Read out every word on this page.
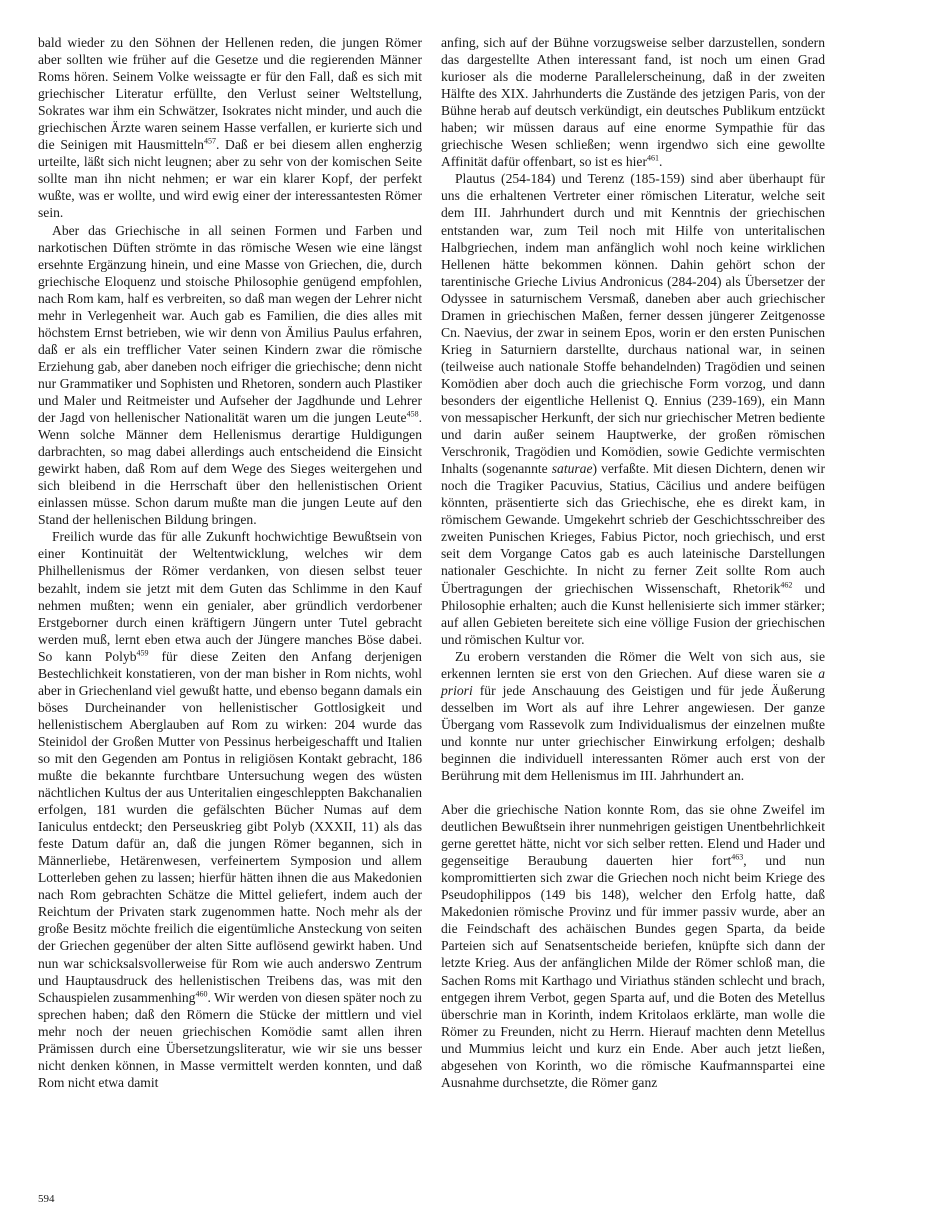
bald wieder zu den Söhnen der Hellenen reden, die jungen Römer aber sollten wie früher auf die Gesetze und die regierenden Männer Roms hören. Seinem Volke weissagte er für den Fall, daß es sich mit griechischer Literatur erfüllte, den Verlust seiner Weltstellung, Sokrates war ihm ein Schwätzer, Isokrates nicht minder, und auch die griechischen Ärzte waren seinem Hasse verfallen, er kurierte sich und die Seinigen mit Hausmitteln$^{457}$. Daß er bei diesem allen engherzig urteilte, läßt sich nicht leugnen; aber zu sehr von der komischen Seite sollte man ihn nicht nehmen; er war ein klarer Kopf, der perfekt wußte, was er wollte, und wird ewig einer der interessantesten Römer sein.

Aber das Griechische in all seinen Formen und Farben und narkotischen Düften strömte in das römische Wesen wie eine längst ersehnte Ergänzung hinein, und eine Masse von Griechen, die, durch griechische Eloquenz und stoische Philosophie genügend empfohlen, nach Rom kam, half es verbreiten, so daß man wegen der Lehrer nicht mehr in Verlegenheit war. Auch gab es Familien, die dies alles mit höchstem Ernst betrieben, wie wir denn von Ämilius Paulus erfahren, daß er als ein trefflicher Vater seinen Kindern zwar die römische Erziehung gab, aber daneben noch eifriger die griechische; denn nicht nur Grammatiker und Sophisten und Rhetoren, sondern auch Plastiker und Maler und Reitmeister und Aufseher der Jagdhunde und Lehrer der Jagd von hellenischer Nationalität waren um die jungen Leute$^{458}$. Wenn solche Männer dem Hellenismus derartige Huldigungen darbrachten, so mag dabei allerdings auch entscheidend die Einsicht gewirkt haben, daß Rom auf dem Wege des Sieges weitergehen und sich bleibend in die Herrschaft über den hellenistischen Orient einlassen müsse. Schon darum mußte man die jungen Leute auf den Stand der hellenischen Bildung bringen.

Freilich wurde das für alle Zukunft hochwichtige Bewußtsein von einer Kontinuität der Weltentwicklung, welches wir dem Philhellenismus der Römer verdanken, von diesen selbst teuer bezahlt, indem sie jetzt mit dem Guten das Schlimme in den Kauf nehmen mußten; wenn ein genialer, aber gründlich verdorbener Erstgeborner durch einen kräftigern Jüngern unter Tutel gebracht werden muß, lernt eben etwa auch der Jüngere manches Böse dabei. So kann Polyb$^{459}$ für diese Zeiten den Anfang derjenigen Bestechlichkeit konstatieren, von der man bisher in Rom nichts, wohl aber in Griechenland viel gewußt hatte, und ebenso begann damals ein böses Durcheinander von hellenistischer Gottlosigkeit und hellenistischem Aberglauben auf Rom zu wirken: 204 wurde das Steinidol der Großen Mutter von Pessinus herbeigeschafft und Italien so mit den Gegenden am Pontus in religiösen Kontakt gebracht, 186 mußte die bekannte furchtbare Untersuchung wegen des wüsten nächtlichen Kultus der aus Unteritalien eingeschleppten Bakchanalien erfolgen, 181 wurden die gefälschten Bücher Numas auf dem Ianiculus entdeckt; den Perseuskrieg gibt Polyb (XXXII, 11) als das feste Datum dafür an, daß die jungen Römer begannen, sich in Männerliebe, Hetärenwesen, verfeinertem Symposion und allem Lotterleben gehen zu lassen; hierfür hätten ihnen die aus Makedonien nach Rom gebrachten Schätze die Mittel geliefert, indem auch der Reichtum der Privaten stark zugenommen hatte. Noch mehr als der große Besitz möchte freilich die eigentümliche Ansteckung von seiten der Griechen gegenüber der alten Sitte auflösend gewirkt haben. Und nun war schicksalsvollerweise für Rom wie auch anderswo Zentrum und Hauptausdruck des hellenistischen Treibens das, was mit den Schauspielen zusammenhing$^{460}$. Wir werden von diesen später noch zu sprechen haben; daß den Römern die Stücke der mittlern und viel mehr noch der neuen griechischen Komödie samt allen ihren Prämissen durch eine Übersetzungsliteratur, wie wir sie uns besser nicht denken können, in Masse vermittelt werden konnten, und daß Rom nicht etwa damit

anfing, sich auf der Bühne vorzugsweise selber darzustellen, sondern das dargestellte Athen interessant fand, ist noch um einen Grad kurioser als die moderne Parallelerscheinung, daß in der zweiten Hälfte des XIX. Jahrhunderts die Zustände des jetzigen Paris, von der Bühne herab auf deutsch verkündigt, ein deutsches Publikum entzückt haben; wir müssen daraus auf eine enorme Sympathie für das griechische Wesen schließen; wenn irgendwo sich eine gewollte Affinität dafür offenbart, so ist es hier$^{461}$.

Plautus (254-184) und Terenz (185-159) sind aber überhaupt für uns die erhaltenen Vertreter einer römischen Literatur, welche seit dem III. Jahrhundert durch und mit Kenntnis der griechischen entstanden war, zum Teil noch mit Hilfe von unteritalischen Halbgriechen, indem man anfänglich wohl noch keine wirklichen Hellenen hätte bekommen können. Dahin gehört schon der tarentinische Grieche Livius Andronicus (284-204) als Übersetzer der Odyssee in saturnischem Versmaß, daneben aber auch griechischer Dramen in griechischen Maßen, ferner dessen jüngerer Zeitgenosse Cn. Naevius, der zwar in seinem Epos, worin er den ersten Punischen Krieg in Saturniern darstellte, durchaus national war, in seinen (teilweise auch nationale Stoffe behandelnden) Tragödien und seinen Komödien aber doch auch die griechische Form vorzog, und dann besonders der eigentliche Hellenist Q. Ennius (239-169), ein Mann von messapischer Herkunft, der sich nur griechischer Metren bediente und darin außer seinem Hauptwerke, der großen römischen Verschronik, Tragödien und Komödien, sowie Gedichte vermischten Inhalts (sogenannte saturae) verfaßte. Mit diesen Dichtern, denen wir noch die Tragiker Pacuvius, Statius, Cäcilius und andere beifügen könnten, präsentierte sich das Griechische, ehe es direkt kam, in römischem Gewande. Umgekehrt schrieb der Geschichtsschreiber des zweiten Punischen Krieges, Fabius Pictor, noch griechisch, und erst seit dem Vorgange Catos gab es auch lateinische Darstellungen nationaler Geschichte. In nicht zu ferner Zeit sollte Rom auch Übertragungen der griechischen Wissenschaft, Rhetorik$^{462}$ und Philosophie erhalten; auch die Kunst hellenisierte sich immer stärker; auf allen Gebieten bereitete sich eine völlige Fusion der griechischen und römischen Kultur vor.

Zu erobern verstanden die Römer die Welt von sich aus, sie erkennen lernten sie erst von den Griechen. Auf diese waren sie a priori für jede Anschauung des Geistigen und für jede Äußerung desselben im Wort als auf ihre Lehrer angewiesen. Der ganze Übergang vom Rassevolk zum Individualismus der einzelnen mußte und konnte nur unter griechischer Einwirkung erfolgen; deshalb beginnen die individuell interessanten Römer auch erst von der Berührung mit dem Hellenismus im III. Jahrhundert an.

Aber die griechische Nation konnte Rom, das sie ohne Zweifel im deutlichen Bewußtsein ihrer nunmehrigen geistigen Unentbehrlichkeit gerne gerettet hätte, nicht vor sich selber retten. Elend und Hader und gegenseitige Beraubung dauerten hier fort$^{463}$, und nun kompromittierten sich zwar die Griechen noch nicht beim Kriege des Pseudophilippos (149 bis 148), welcher den Erfolg hatte, daß Makedonien römische Provinz und für immer passiv wurde, aber an die Feindschaft des achäischen Bundes gegen Sparta, da beide Parteien sich auf Senatsentscheide beriefen, knüpfte sich dann der letzte Krieg. Aus der anfänglichen Milde der Römer schloß man, die Sachen Roms mit Karthago und Viriathus ständen schlecht und brach, entgegen ihrem Verbot, gegen Sparta auf, und die Boten des Metellus überschrie man in Korinth, indem Kritolaos erklärte, man wolle die Römer zu Freunden, nicht zu Herrn. Hierauf machten denn Metellus und Mummius leicht und kurz ein Ende. Aber auch jetzt ließen, abgesehen von Korinth, wo die römische Kaufmannspartei eine Ausnahme durchsetzte, die Römer ganz

594
